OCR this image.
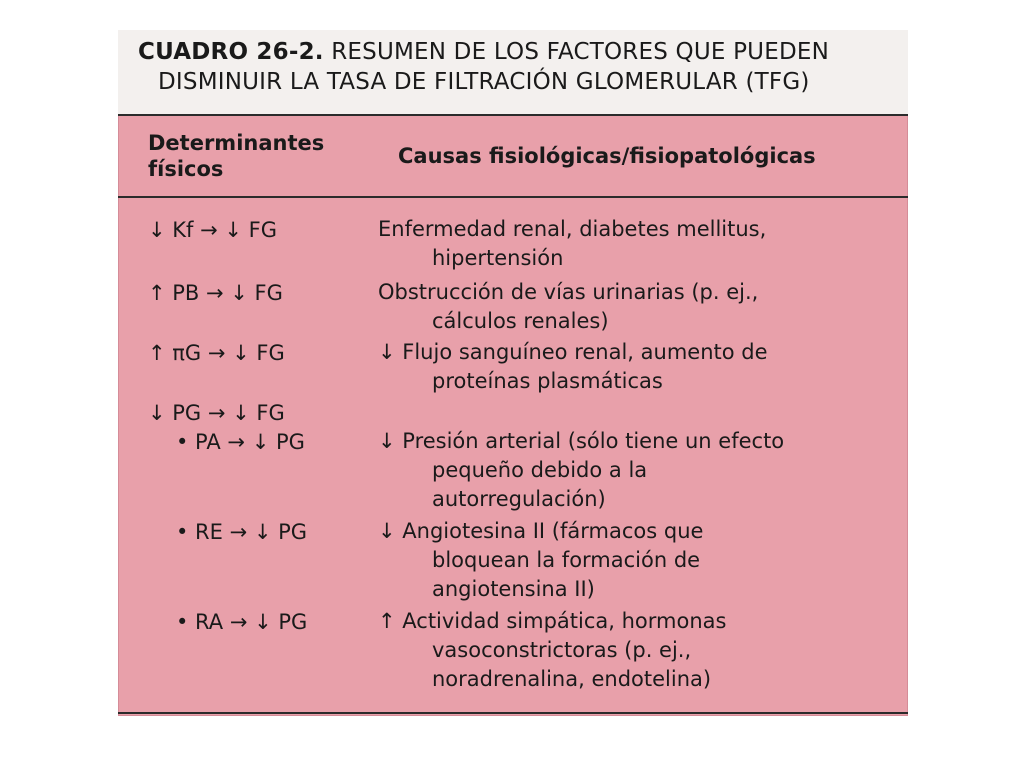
CUADRO 26-2. RESUMEN DE LOS FACTORES QUE PUEDEN
DISMINUIR LA TASA DE FILTRACIÓN GLOMERULAR (TFG)
Determinantes
físicos
Causas fisiológicas/fisiopatológicas
↓ Kf → ↓ FG	Enfermedad renal, diabetes mellitus,
hipertensión
↑ PB → ↓ FG	Obstrucción de vías urinarias (p. ej.,
cálculos renales)
↑ πG → ↓ FG	↓ Flujo sanguíneo renal, aumento de
proteínas plasmáticas
↓ PG → ↓ FG
• PA → ↓ PG	↓ Presión arterial (sólo tiene un efecto
pequeño debido a la
autorregulación)
• RE → ↓ PG	↓ Angiotesina II (fármacos que
bloquean la formación de
angiotensina II)
• RA → ↓ PG	↑ Actividad simpática, hormonas
vasoconstrictoras (p. ej.,
noradrenalina, endotelina)
